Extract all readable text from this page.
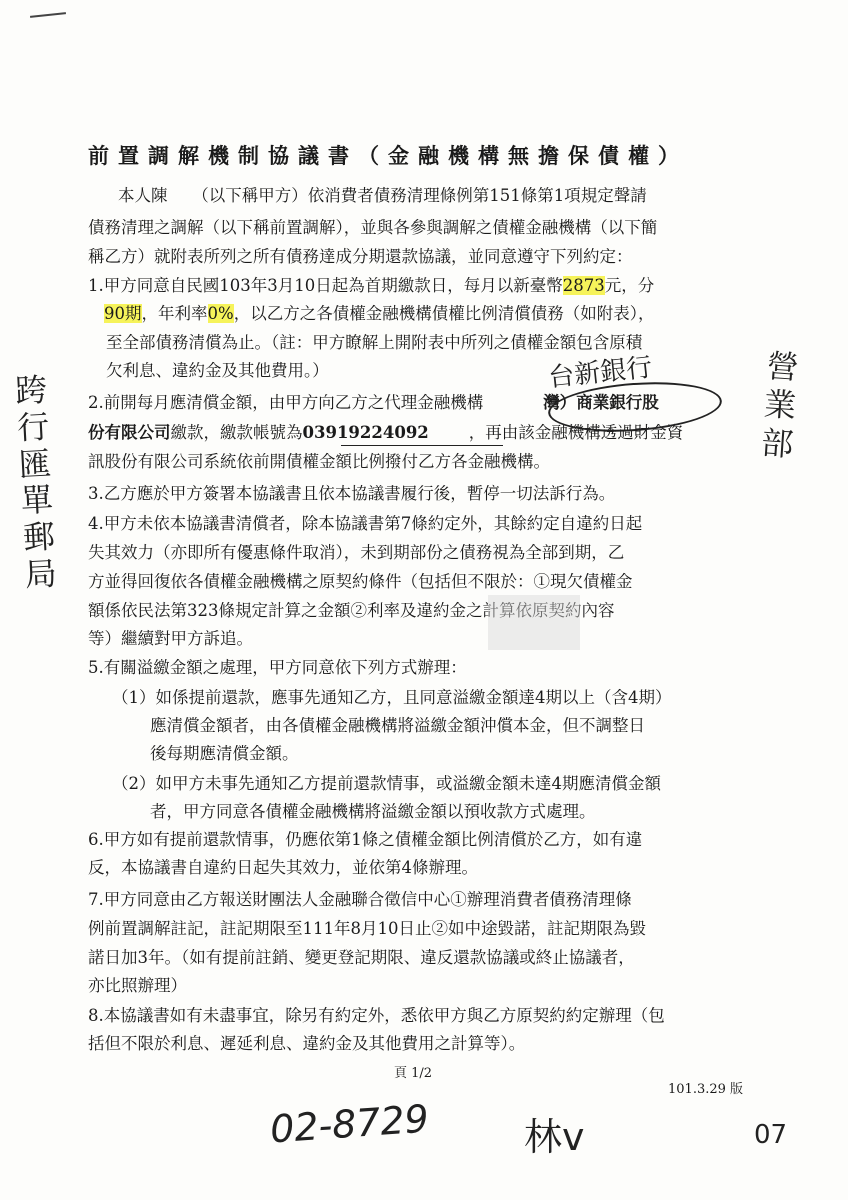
前置調解機制協議書（金融機構無擔保債權）
本人陳　　（以下稱甲方）依消費者債務清理條例第151條第1項規定聲請
債務清理之調解（以下稱前置調解），並與各參與調解之債權金融機構（以下簡
稱乙方）就附表所列之所有債務達成分期還款協議，並同意遵守下列約定：
1.甲方同意自民國103年3月10日起為首期繳款日，每月以新臺幣2873元，分
90期，年利率0%，以乙方之各債權金融機構債權比例清償債務（如附表），
至全部債務清償為止。（註：甲方瞭解上開附表中所列之債權金額包含原積
欠利息、違約金及其他費用。）
2.前開每月應清償金額，由甲方向乙方之代理金融機構	灣）商業銀行股
份有限公司繳款，繳款帳號為03919224092 ，再由該金融機構透過財金資
訊股份有限公司系統依前開債權金額比例撥付乙方各金融機構。
3.乙方應於甲方簽署本協議書且依本協議書履行後，暫停一切法訴行為。
4.甲方未依本協議書清償者，除本協議書第7條約定外，其餘約定自違約日起
失其效力（亦即所有優惠條件取消），未到期部份之債務視為全部到期，乙
方並得回復依各債權金融機構之原契約條件（包括但不限於：①現欠債權金
額係依民法第323條規定計算之金額②利率及違約金之計算依原契約內容
等）繼續對甲方訴追。
5.有關溢繳金額之處理，甲方同意依下列方式辦理：
（1）如係提前還款，應事先通知乙方，且同意溢繳金額達4期以上（含4期）
應清償金額者，由各債權金融機構將溢繳金額沖償本金，但不調整日
後每期應清償金額。
（2）如甲方未事先通知乙方提前還款情事，或溢繳金額未達4期應清償金額
者，甲方同意各債權金融機構將溢繳金額以預收款方式處理。
6.甲方如有提前還款情事，仍應依第1條之債權金額比例清償於乙方，如有違
反，本協議書自違約日起失其效力，並依第4條辦理。
7.甲方同意由乙方報送財團法人金融聯合徵信中心①辦理消費者債務清理條
例前置調解註記，註記期限至111年8月10日止②如中途毀諾，註記期限為毀
諾日加3年。（如有提前註銷、變更登記期限、違反還款協議或終止協議者，
亦比照辦理）
8.本協議書如有未盡事宜，除另有約定外，悉依甲方與乙方原契約約定辦理（包
括但不限於利息、遲延利息、違約金及其他費用之計算等）。
頁 1/2
101.3.29 版
跨行匯單郵局
營業部
台新銀行
02-8729 林v	07
